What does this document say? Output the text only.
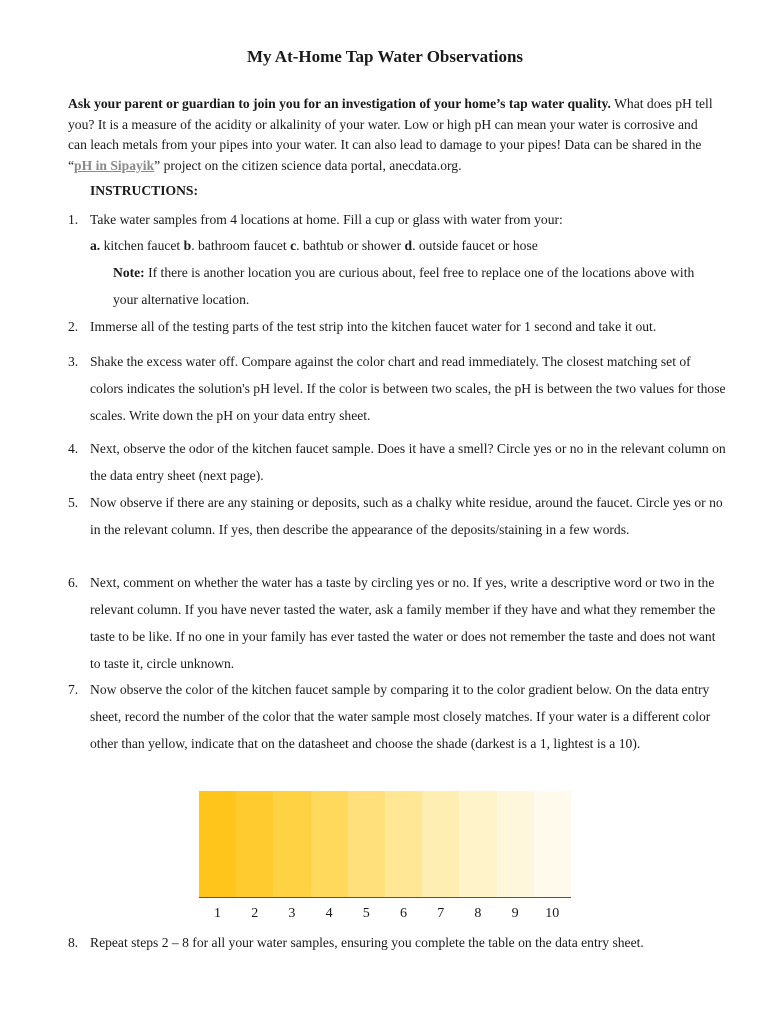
My At-Home Tap Water Observations

Ask your parent or guardian to join you for an investigation of your home’s tap water quality. What does pH tell you? It is a measure of the acidity or alkalinity of your water. Low or high pH can mean your water is corrosive and can leach metals from your pipes into your water. It can also lead to damage to your pipes! Data can be shared in the “pH in Sipayik” project on the citizen science data portal, anecdata.org.

INSTRUCTIONS:
1. Take water samples from 4 locations at home. Fill a cup or glass with water from your:
a. kitchen faucet b. bathroom faucet c. bathtub or shower d. outside faucet or hose
Note: If there is another location you are curious about, feel free to replace one of the locations above with your alternative location.
2. Immerse all of the testing parts of the test strip into the kitchen faucet water for 1 second and take it out.
3. Shake the excess water off. Compare against the color chart and read immediately. The closest matching set of colors indicates the solution's pH level. If the color is between two scales, the pH is between the two values for those scales. Write down the pH on your data entry sheet.
4. Next, observe the odor of the kitchen faucet sample. Does it have a smell? Circle yes or no in the relevant column on the data entry sheet (next page).
5. Now observe if there are any staining or deposits, such as a chalky white residue, around the faucet. Circle yes or no in the relevant column. If yes, then describe the appearance of the deposits/staining in a few words.
6. Next, comment on whether the water has a taste by circling yes or no. If yes, write a descriptive word or two in the relevant column. If you have never tasted the water, ask a family member if they have and what they remember the taste to be like. If no one in your family has ever tasted the water or does not remember the taste and does not want to taste it, circle unknown.
7. Now observe the color of the kitchen faucet sample by comparing it to the color gradient below. On the data entry sheet, record the number of the color that the water sample most closely matches. If your water is a different color other than yellow, indicate that on the datasheet and choose the shade (darkest is a 1, lightest is a 10).
1	2	3	4	5	6	7	8	9	10
8. Repeat steps 2 – 8 for all your water samples, ensuring you complete the table on the data entry sheet.
